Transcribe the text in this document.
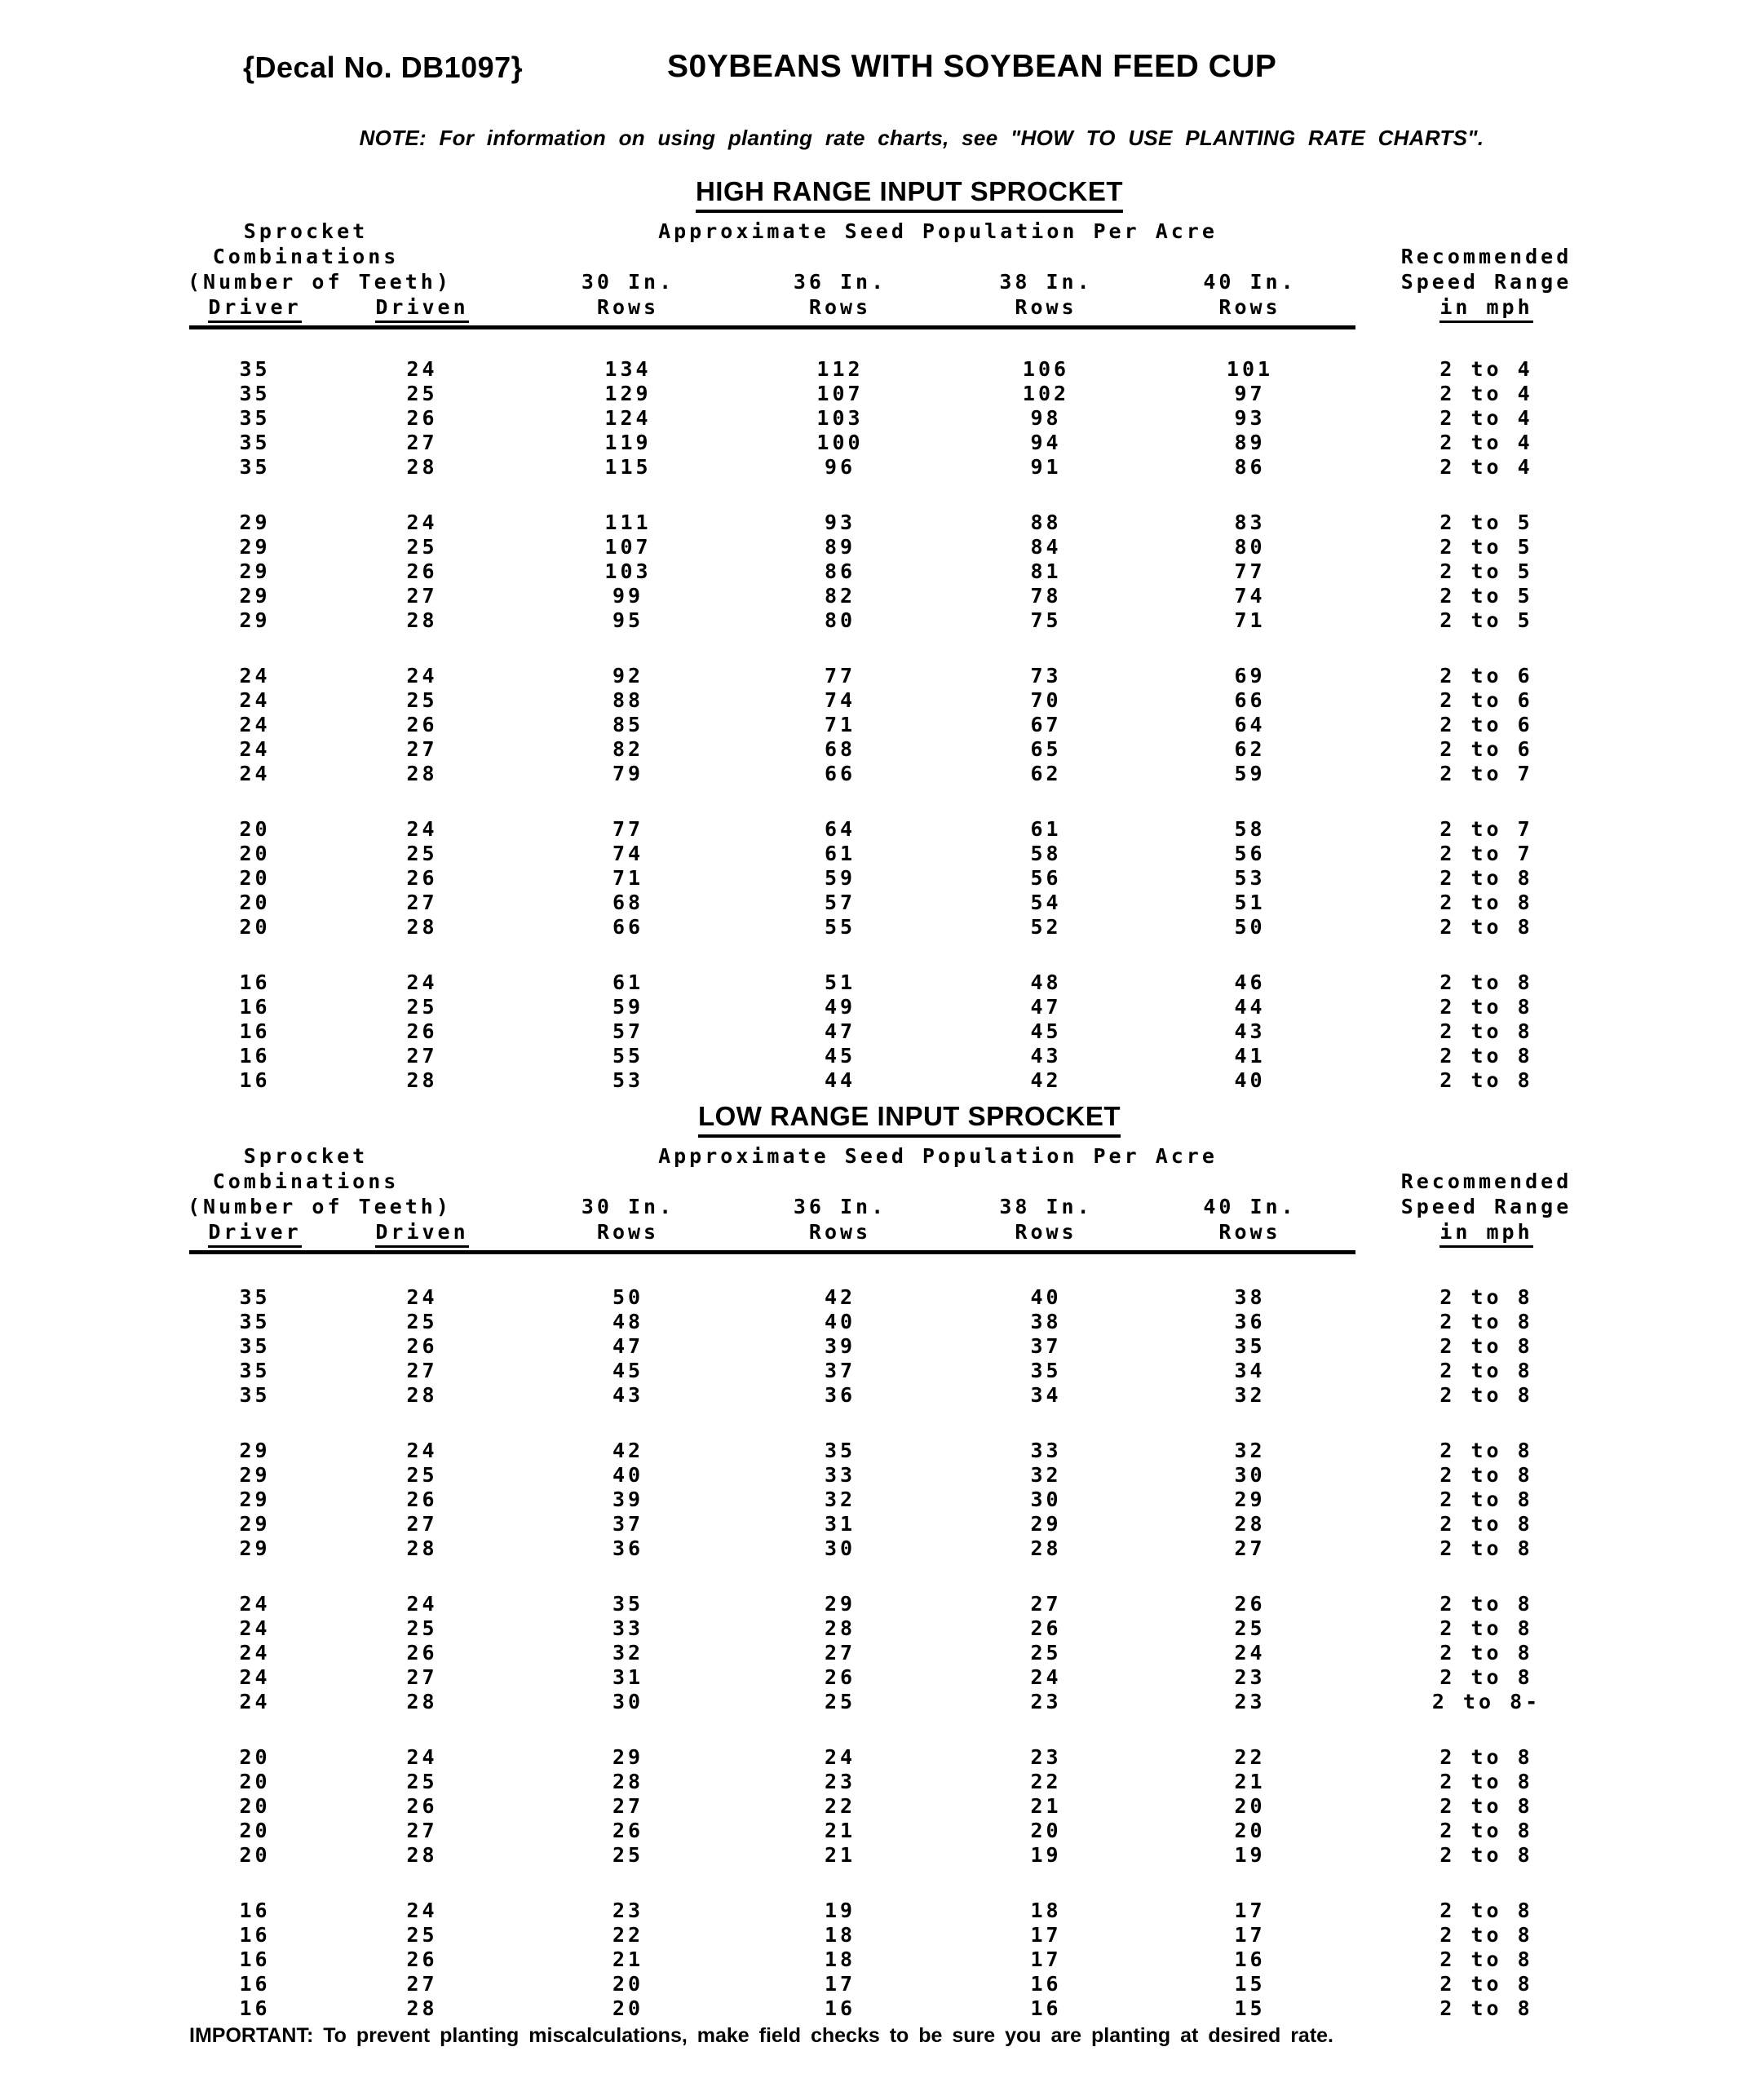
{Decal No. DB1097}	S0YBEANS WITH SOYBEAN FEED CUP
NOTE: For information on using planting rate charts, see "HOW TO USE PLANTING RATE CHARTS".
HIGH RANGE INPUT SPROCKET
Sprocket	Approximate Seed Population Per Acre
Combinations	Recommended
(Number of Teeth)	30 In.	36 In.	38 In.	40 In.	Speed Range
Driver	Driven	Rows	Rows	Rows	Rows	in mph
35	24	134	112	106	101	2 to 4
35	25	129	107	102	97	2 to 4
35	26	124	103	98	93	2 to 4
35	27	119	100	94	89	2 to 4
35	28	115	96	91	86	2 to 4
29	24	111	93	88	83	2 to 5
29	25	107	89	84	80	2 to 5
29	26	103	86	81	77	2 to 5
29	27	99	82	78	74	2 to 5
29	28	95	80	75	71	2 to 5
24	24	92	77	73	69	2 to 6
24	25	88	74	70	66	2 to 6
24	26	85	71	67	64	2 to 6
24	27	82	68	65	62	2 to 6
24	28	79	66	62	59	2 to 7
20	24	77	64	61	58	2 to 7
20	25	74	61	58	56	2 to 7
20	26	71	59	56	53	2 to 8
20	27	68	57	54	51	2 to 8
20	28	66	55	52	50	2 to 8
16	24	61	51	48	46	2 to 8
16	25	59	49	47	44	2 to 8
16	26	57	47	45	43	2 to 8
16	27	55	45	43	41	2 to 8
16	28	53	44	42	40	2 to 8
LOW RANGE INPUT SPROCKET
Sprocket	Approximate Seed Population Per Acre
Combinations	Recommended
(Number of Teeth)	30 In.	36 In.	38 In.	40 In.	Speed Range
Driver	Driven	Rows	Rows	Rows	Rows	in mph
35	24	50	42	40	38	2 to 8
35	25	48	40	38	36	2 to 8
35	26	47	39	37	35	2 to 8
35	27	45	37	35	34	2 to 8
35	28	43	36	34	32	2 to 8
29	24	42	35	33	32	2 to 8
29	25	40	33	32	30	2 to 8
29	26	39	32	30	29	2 to 8
29	27	37	31	29	28	2 to 8
29	28	36	30	28	27	2 to 8
24	24	35	29	27	26	2 to 8
24	25	33	28	26	25	2 to 8
24	26	32	27	25	24	2 to 8
24	27	31	26	24	23	2 to 8
24	28	30	25	23	23	2 to 8-
20	24	29	24	23	22	2 to 8
20	25	28	23	22	21	2 to 8
20	26	27	22	21	20	2 to 8
20	27	26	21	20	20	2 to 8
20	28	25	21	19	19	2 to 8
16	24	23	19	18	17	2 to 8
16	25	22	18	17	17	2 to 8
16	26	21	18	17	16	2 to 8
16	27	20	17	16	15	2 to 8
16	28	20	16	16	15	2 to 8
IMPORTANT: To prevent planting miscalculations, make field checks to be sure you are planting at desired rate.
